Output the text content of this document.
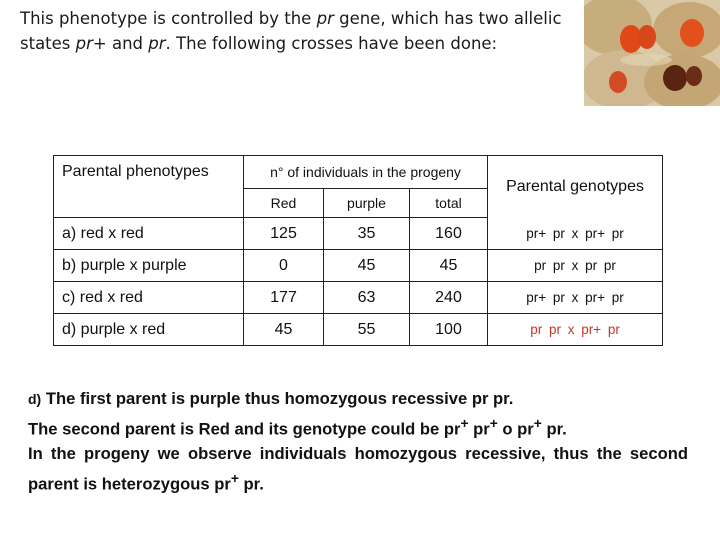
This phenotype is controlled by the pr gene, which has two allelic states pr+ and pr. The following crosses have been done:

Parental phenotypes	n° of individuals in the progeny			Parental genotypes
	Red	purple	total	
a) red x red	125	35	160	pr+ pr x pr+ pr
b) purple x purple	0	45	45	pr pr x pr pr
c) red x red	177	63	240	pr+ pr x pr+ pr
d) purple x red	45	55	100	pr pr x pr+ pr

d) The first parent is purple thus homozygous recessive pr pr.

The second parent is Red and its genotype could be pr+ pr+ o pr+ pr.

In the progeny we observe individuals homozygous recessive, thus the second parent is heterozygous pr+ pr.
